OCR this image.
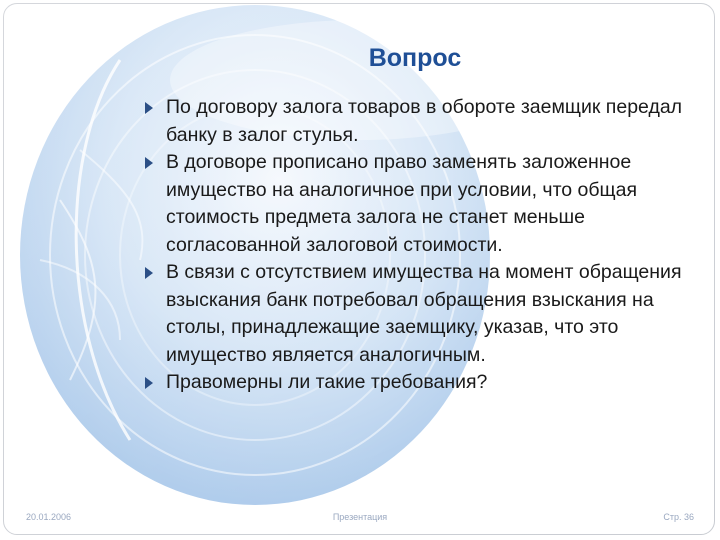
Вопрос
По договору залога товаров в обороте заемщик передал банку в залог стулья.
В договоре прописано право заменять заложенное имущество на аналогичное при условии, что общая стоимость предмета залога не станет меньше согласованной залоговой стоимости.
В связи с отсутствием имущества на момент обращения взыскания банк потребовал обращения взыскания на столы, принадлежащие заемщику, указав, что это имущество является аналогичным.
Правомерны ли такие требования?
20.01.2006	Презентация	Стр. 36
